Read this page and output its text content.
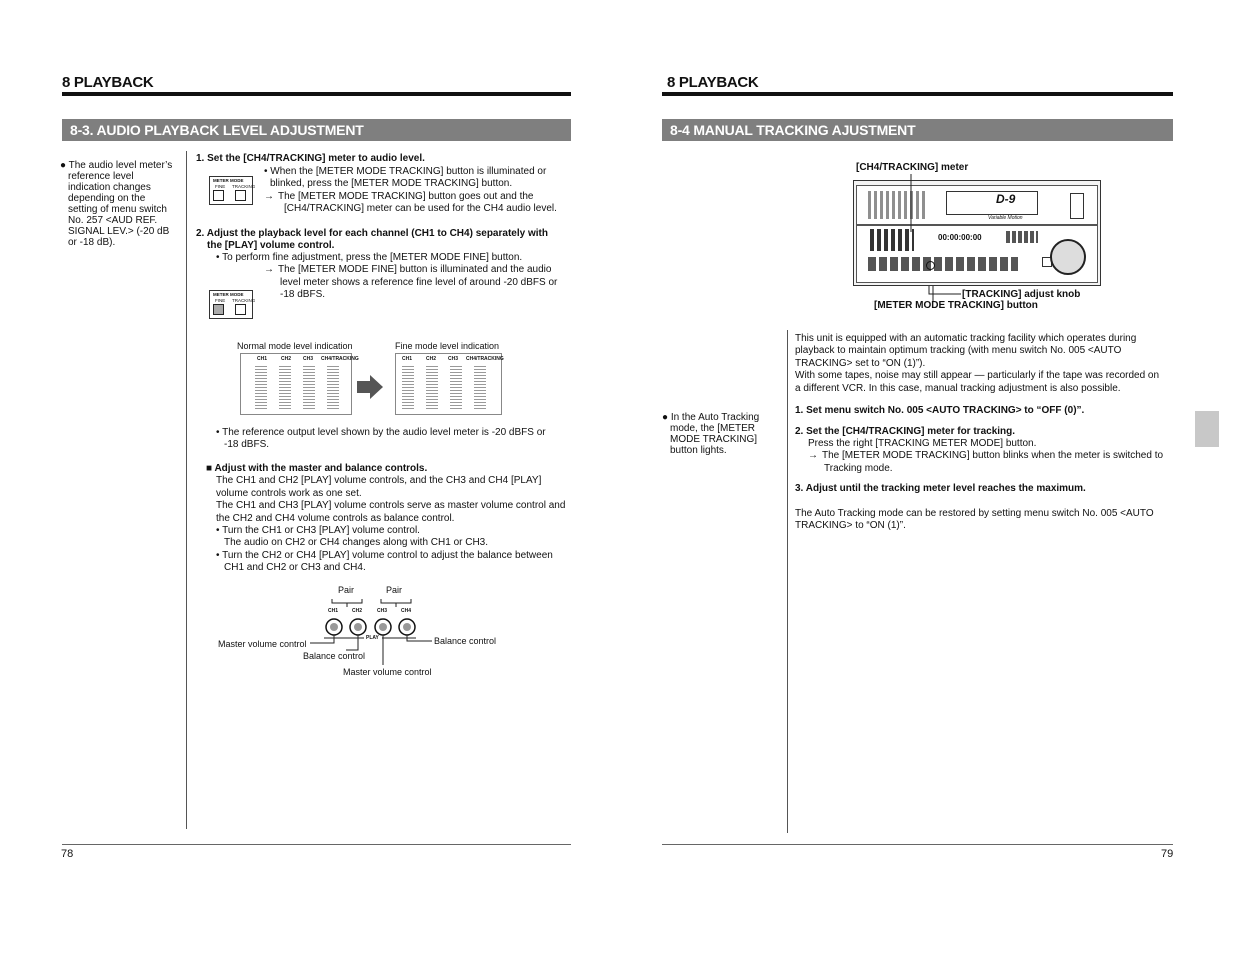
8 PLAYBACK
8-3. AUDIO PLAYBACK LEVEL ADJUSTMENT
● The audio level meter’s
reference level
indication changes
depending on the
setting of menu switch
No. 257 <AUD REF.
SIGNAL LEV.> (-20 dB
or -18 dB).
1. Set the [CH4/TRACKING] meter to audio level.
• When the [METER MODE TRACKING] button is illuminated or
blinked, press the [METER MODE TRACKING] button.
→ The [METER MODE TRACKING] button goes out and the
[CH4/TRACKING] meter can be used for the CH4 audio level.
METER MODE
FINE TRACKING
2. Adjust the playback level for each channel (CH1 to CH4) separately with
the [PLAY] volume control.
• To perform fine adjustment, press the [METER MODE FINE] button.
→ The [METER MODE FINE] button is illuminated and the audio
level meter shows a reference fine level of around -20 dBFS or
-18 dBFS.
METER MODE
FINE TRACKING
Normal mode level indication	Fine mode level indication
CH1	CH2 CH3 CH4/TRACKING	CH1	CH2 CH3 CH4/TRACKING
• The reference output level shown by the audio level meter is -20 dBFS or
-18 dBFS.
■ Adjust with the master and balance controls.
The CH1 and CH2 [PLAY] volume controls, and the CH3 and CH4 [PLAY]
volume controls work as one set.
The CH1 and CH3 [PLAY] volume controls serve as master volume control and
the CH2 and CH4 volume controls as balance control.
• Turn the CH1 or CH3 [PLAY] volume control.
The audio on CH2 or CH4 changes along with CH1 or CH3.
• Turn the CH2 or CH4 [PLAY] volume control to adjust the balance between
CH1 and CH2 or CH3 and CH4.
Pair	Pair
CH1	CH2	CH3	CH4
PLAY
Master volume control
Balance control
Balance control
Master volume control
78
8 PLAYBACK
8-4 MANUAL TRACKING AJUSTMENT
[CH4/TRACKING] meter
D-9
Variable Motion
00:00:00:00
[TRACKING] adjust knob
[METER MODE TRACKING] button
This unit is equipped with an automatic tracking facility which operates during
playback to maintain optimum tracking (with menu switch No. 005 <AUTO
TRACKING> set to “ON (1)”).
With some tapes, noise may still appear — particularly if the tape was recorded on
a different VCR. In this case, manual tracking adjustment is also possible.
● In the Auto Tracking
mode, the [METER
MODE TRACKING]
button lights.
1. Set menu switch No. 005 <AUTO TRACKING> to “OFF (0)”.
2. Set the [CH4/TRACKING] meter for tracking.
Press the right [TRACKING METER MODE] button.
→ The [METER MODE TRACKING] button blinks when the meter is switched to
Tracking mode.
3. Adjust until the tracking meter level reaches the maximum.
The Auto Tracking mode can be restored by setting menu switch No. 005 <AUTO
TRACKING> to “ON (1)”.
79
